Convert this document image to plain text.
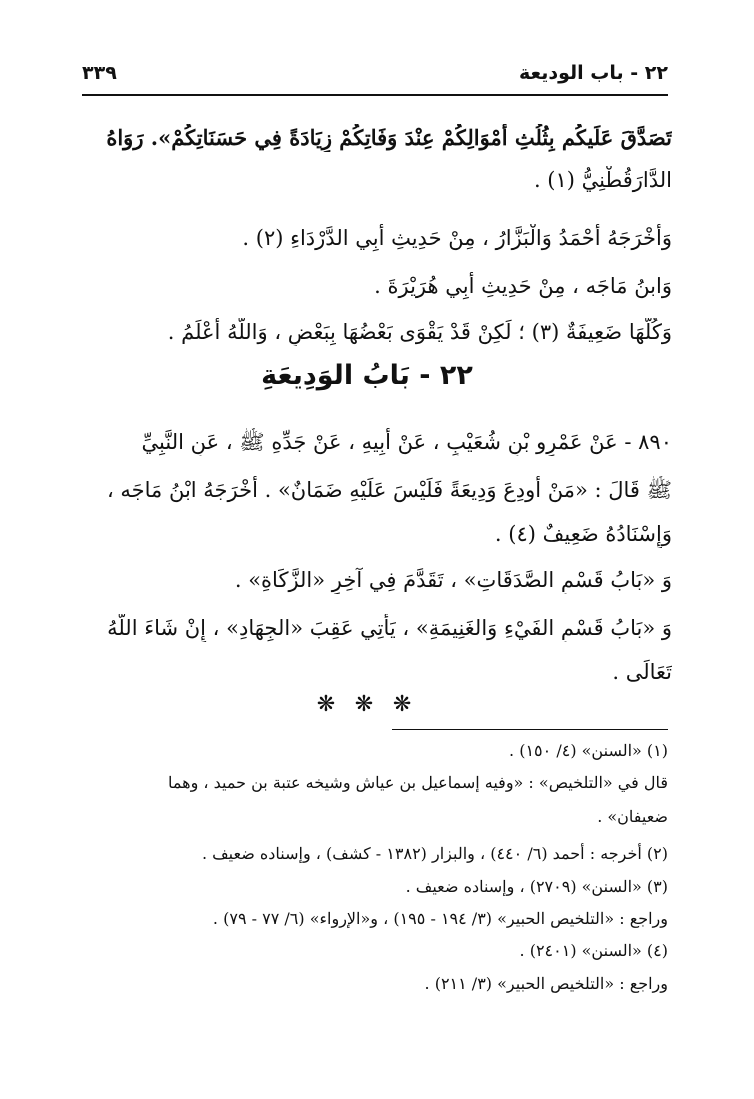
٢٢ - باب الوديعة
٣٣٩

تَصَدَّقَ عَلَيكُم بِثُلُثِ أَمْوَالِكُمْ عِنْدَ وَفَاتِكُمْ زِيَادَةً فِي حَسَنَاتِكُمْ». رَوَاهُ

الدَّارَقُطْنِيُّ (١) .

وَأَخْرَجَهُ أَحْمَدُ وَالْبَزَّارُ ، مِنْ حَدِيثِ أَبِي الدَّرْدَاءِ (٢) .

وَابنُ مَاجَه ، مِنْ حَدِيثِ أَبِي هُرَيْرَةَ .

وَكُلُّهَا ضَعِيفَةٌ (٣) ؛ لَكِنْ قَدْ يَقْوَى بَعْضُهَا بِبَعْضٍ ، وَاللَّهُ أَعْلَمُ .

٢٢ - بَابُ الوَدِيعَةِ

٨٩٠ - عَنْ عَمْرِو بْنِ شُعَيْبٍ ، عَنْ أَبِيهِ ، عَنْ جَدِّهِ ﷺ ، عَنِ النَّبِيِّ

ﷺ قَالَ : «مَنْ أُودِعَ وَدِيعَةً فَلَيْسَ عَلَيْهِ ضَمَانٌ» . أَخْرَجَهُ ابْنُ مَاجَه ،

وَإِسْنَادُهُ ضَعِيفٌ (٤) .

وَ «بَابُ قَسْمِ الصَّدَقَاتِ» ، تَقَدَّمَ فِي آخِرِ «الزَّكَاةِ» .

وَ «بَابُ قَسْمِ الفَيْءِ وَالغَنِيمَةِ» ، يَأْتِي عَقِبَ «الجِهَادِ» ، إِنْ شَاءَ اللَّهُ

تَعَالَى .

❋ ❋ ❋

(١) «السنن» (٤/ ١٥٠) .

قال في «التلخيص» : «وفيه إسماعيل بن عياش وشيخه عتبة بن حميد ، وهما

ضعيفان» .

(٢) أخرجه : أحمد (٦/ ٤٤٠) ، والبزار (١٣٨٢ - كشف) ، وإسناده ضعيف .

(٣) «السنن» (٢٧٠٩) ، وإسناده ضعيف .

وراجع : «التلخيص الحبير» (٣/ ١٩٤ - ١٩٥) ، و«الإرواء» (٦/ ٧٧ - ٧٩) .

(٤) «السنن» (٢٤٠١) .

وراجع : «التلخيص الحبير» (٣/ ٢١١) .
